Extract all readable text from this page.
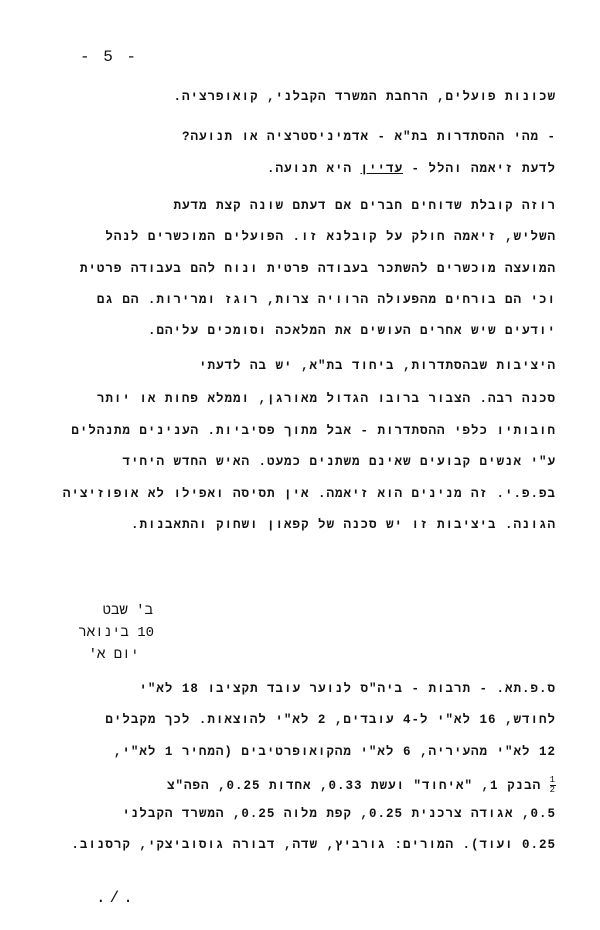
- 5 -
שכונות פועלים, הרחבת המשרד הקבלני, קואופרציה.
- מהי ההסתדרות בת"א - אדמיניסטרציה או תנועה?
לדעת זיאמה והלל - עדיין היא תנועה.
רוזה קובלת שדוחים חברים אם דעתם שונה קצת מדעת
השליש, זיאמה חולק על קובלנא זו. הפועלים המוכשרים לנהל
המועצה מוכשרים להשתכר בעבודה פרטית ונוח להם בעבודה פרטית
וכי הם בורחים מהפעולה הרוויה צרות, רוגז ומרירות. הם גם
יודעים שיש אחרים העושים את המלאכה וסומכים עליהם.
היציבות שבהסתדרות, ביחוד בת"א, יש בה לדעתי
סכנה רבה. הצבור ברובו הגדול מאורגן, וממלא פחות או יותר
חובותיו כלפי ההסתדרות - אבל מתוך פסיביות. הענינים מתנהלים
ע"י אנשים קבועים שאינם משתנים כמעט. האיש החדש היחיד
בפ.פ.י. זה מנינים הוא זיאמה. אין תסיסה ואפילו לא אופוזיציה
הגונה. ביציבות זו יש סכנה של קפאון ושחוק והתאבנות.
ב' שבט
10 בינואר
יום א'
ס.פ.תא. - תרבות - ביה"ס לנוער עובד תקציבו 18 לא"י
לחודש, 16 לא"י ל-4 עובדים, 2 לא"י להוצאות. לכך מקבלים
12 לא"י מהעיריה, 6 לא"י מהקואופרטיבים (המחיר 1 לא"י,
$\frac{1}{2}$
הבנק 1, "איחוד" ועשת 0.33, אחדות 0.25, הפה"צ
0.5, אגודה צרכנית 0.25, קפת מלוה 0.25, המשרד הקבלני
0.25 ועוד). המורים: גורביץ, שדה, דבורה גוסוביצקי, קרסנוב.
./.
